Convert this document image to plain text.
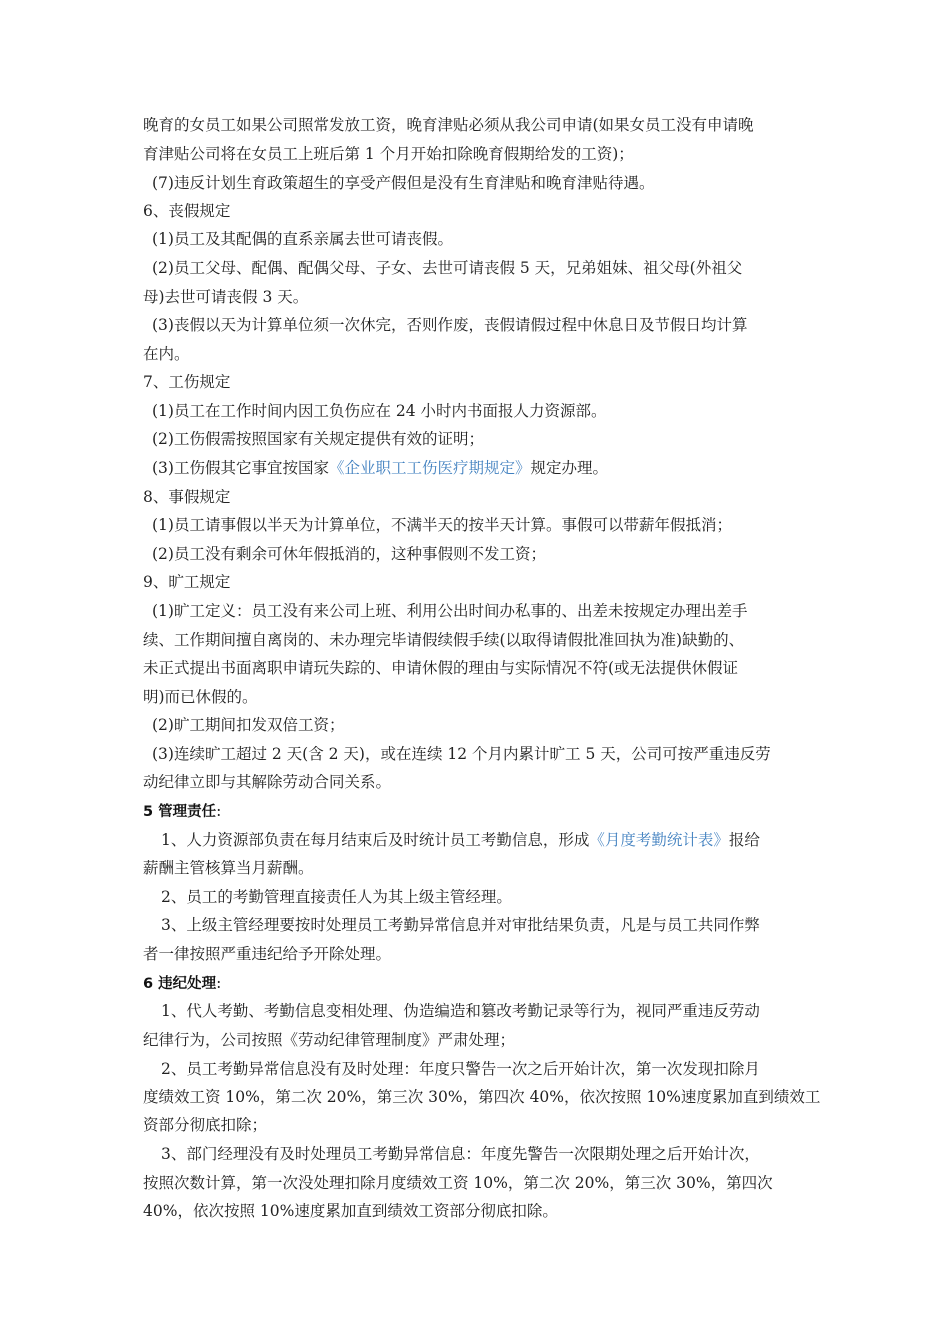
晚育的女员工如果公司照常发放工资，晚育津贴必须从我公司申请(如果女员工没有申请晚
育津贴公司将在女员工上班后第 1 个月开始扣除晚育假期给发的工资)；
(7)违反计划生育政策超生的享受产假但是没有生育津贴和晚育津贴待遇。
6、丧假规定
(1)员工及其配偶的直系亲属去世可请丧假。
(2)员工父母、配偶、配偶父母、子女、去世可请丧假 5 天，兄弟姐妹、祖父母(外祖父
母)去世可请丧假 3 天。
(3)丧假以天为计算单位须一次休完，否则作废，丧假请假过程中休息日及节假日均计算
在内。
7、工伤规定
(1)员工在工作时间内因工负伤应在 24 小时内书面报人力资源部。
(2)工伤假需按照国家有关规定提供有效的证明；
(3)工伤假其它事宜按国家《企业职工工伤医疗期规定》规定办理。
8、事假规定
(1)员工请事假以半天为计算单位，不满半天的按半天计算。事假可以带薪年假抵消；
(2)员工没有剩余可休年假抵消的，这种事假则不发工资；
9、旷工规定
(1)旷工定义：员工没有来公司上班、利用公出时间办私事的、出差未按规定办理出差手
续、工作期间擅自离岗的、未办理完毕请假续假手续(以取得请假批准回执为准)缺勤的、
未正式提出书面离职申请玩失踪的、申请休假的理由与实际情况不符(或无法提供休假证
明)而已休假的。
(2)旷工期间扣发双倍工资；
(3)连续旷工超过 2 天(含 2 天)，或在连续 12 个月内累计旷工 5 天，公司可按严重违反劳
动纪律立即与其解除劳动合同关系。
5 管理责任:
1、人力资源部负责在每月结束后及时统计员工考勤信息，形成《月度考勤统计表》报给
薪酬主管核算当月薪酬。
2、员工的考勤管理直接责任人为其上级主管经理。
3、上级主管经理要按时处理员工考勤异常信息并对审批结果负责，凡是与员工共同作弊
者一律按照严重违纪给予开除处理。
6 违纪处理:
1、代人考勤、考勤信息变相处理、伪造编造和篡改考勤记录等行为，视同严重违反劳动
纪律行为，公司按照《劳动纪律管理制度》严肃处理；
2、员工考勤异常信息没有及时处理：年度只警告一次之后开始计次，第一次发现扣除月
度绩效工资 10%，第二次 20%，第三次 30%，第四次 40%，依次按照 10%速度累加直到绩效工
资部分彻底扣除；
3、部门经理没有及时处理员工考勤异常信息：年度先警告一次限期处理之后开始计次，
按照次数计算，第一次没处理扣除月度绩效工资 10%，第二次 20%，第三次 30%，第四次
40%，依次按照 10%速度累加直到绩效工资部分彻底扣除。
